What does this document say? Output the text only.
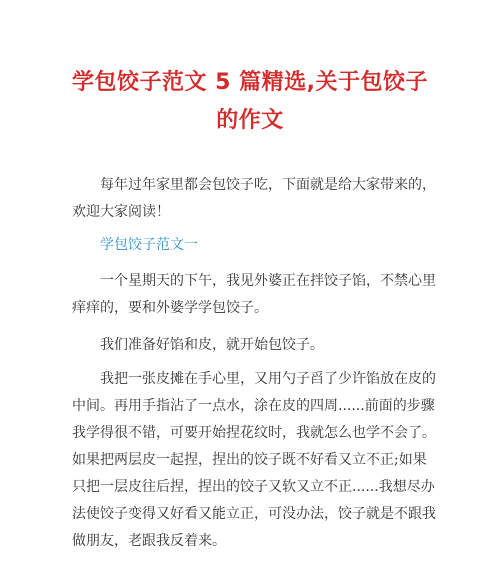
学包饺子范文 5 篇精选,关于包饺子
的作文

每年过年家里都会包饺子吃，下面就是给大家带来的，欢迎大家阅读！

学包饺子范文一

一个星期天的下午，我见外婆正在拌饺子馅，不禁心里痒痒的，要和外婆学学包饺子。

我们准备好馅和皮，就开始包饺子。

我把一张皮摊在手心里，又用勺子舀了少许馅放在皮的中间。再用手指沾了一点水，涂在皮的四周......前面的步骤我学得很不错，可要开始捏花纹时，我就怎么也学不会了。如果把两层皮一起捏，捏出的饺子既不好看又立不正;如果只把一层皮往后捏，捏出的饺子又软又立不正......我想尽办法使饺子变得又好看又能立正，可没办法，饺子就是不跟我做朋友，老跟我反着来。
